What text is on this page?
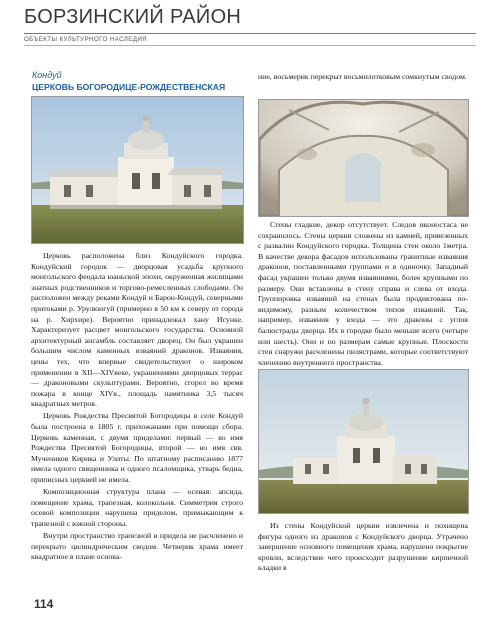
БОРЗИНСКИЙ РАЙОН
ОБЪЕКТЫ КУЛЬТУРНОГО НАСЛЕДИЯ
Кондуй
ЦЕРКОВЬ БОГОРОДИЦЕ-РОЖДЕСТВЕНСКАЯ

Церковь расположена близ Кондуйского городка. Кондуйский городок — дворцовая усадьба крупного монгольского феодала юаньской эпохи, окруженная жилищами знатных родственников и торгово-ремесленных слободами. Он расположен между реками Кондуй и Барон-Кондуй, северными притоками р. Урулюнгуй (примерно в 50 км к северу от города на р. Хирхире). Вероятно принадлежал хану Исунке. Характеризует расцвет монгольского государства. Основной архитектурный ансамбль составляет дворец. Он был украшен большим числом каменных изваяний драконов. Изваяния, цены тех, что впервые свидетельствуют о широком применении в XII—XIVвеке, украшениями дворцовых террас — драконовыми скульптурами. Вероятно, сгорел во время пожара в конце XIVв., площадь памятника 3,5 тысяч квадратных метров.

Церковь Рождества Пресвятой Богородицы в селе Кондуй была построена в 1805 г. прихожанами при помощи сбора. Церковь каменная, с двумя приделами: первый — во имя Рождества Пресвятой Богородицы, второй — во имя свв. Мучеников Кирика и Улиты. По штатному расписанию 1877 имела одного священника и одного псаломщика, утварь бедна, приписных церквей не имела.

Композиционная структура плана — осевая: апсида, помещение храма, трапезная, колокольня. Симметрия строго осевой композиции нарушена приделом, примыкающим к трапезной с южной стороны.

Внутри пространство трапезной и придела не расчленено и перекрыто цилиндрическим сводом. Четверик храма имеет квадратное в плане основа-

ние, восьмерик перекрыт восьмилотковым сомкнутым сводом.

Стены гладкие, декор отсутствует. Следов иконостаса не сохранилось. Стены церкви сложены из камней, привезенных с развалин Кондуйского городка. Толщина стен около 1метра. В качестве декора фасадов использованы гранитные изваяния драконов, поставленными группами и в одиночку. Западный фасад украшен только двумя изваяниями, более крупными по размеру. Они вставлены в стену справа и слева от входа. Группировка изваяний на стенах была продиктована по-видимому, разным количеством типов изваяний. Так, например, изваяния у входа — это драконы с углов балюстрады дворца. Их в городке было меньше всего (четыре или шесть). Они и по размерам самые крупные. Плоскости стен снаружи расчленены пилястрами, которые соответствуют членению внутреннего пространства.

Из стены Кондуйской церкви извлечена и похищена фигура одного из драконов с Кондуйского дворца. Утрачено завершение основного помещения храма, нарушено покрытие кровли, вследствие чего происходит разрушение кирпичной кладки в

114
